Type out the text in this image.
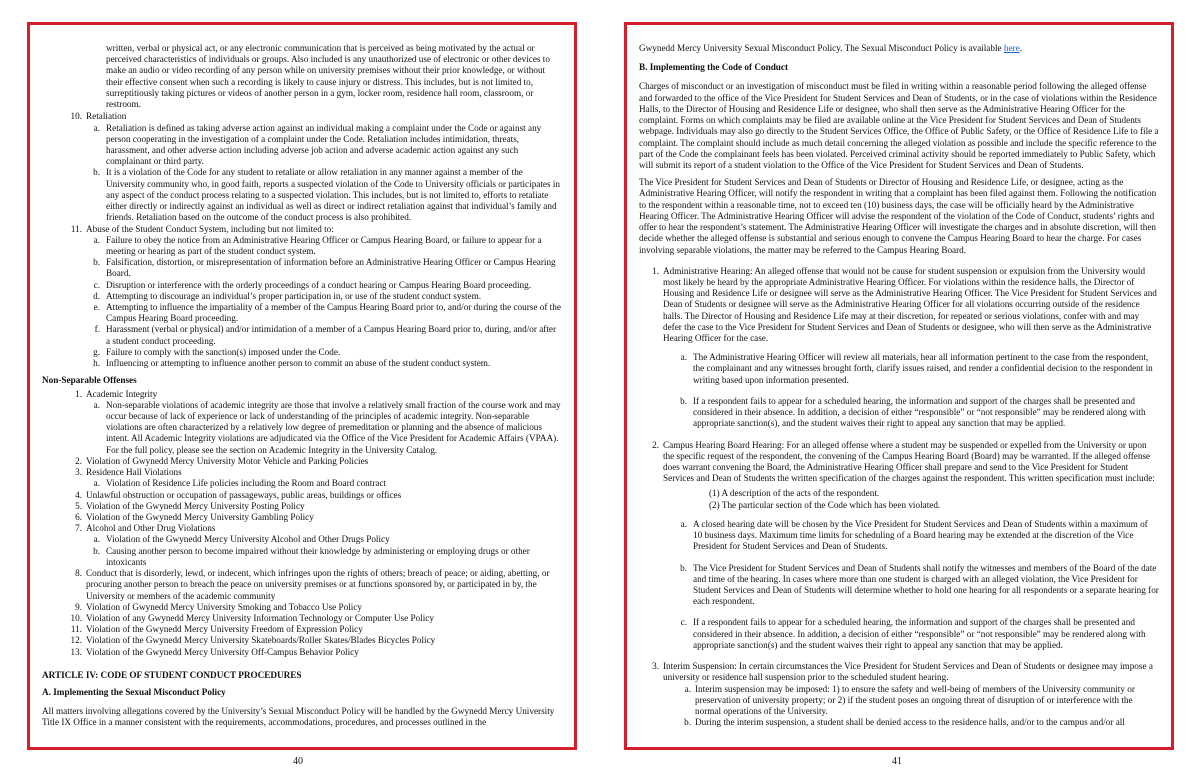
written, verbal or physical act, or any electronic communication that is perceived as being motivated by the actual or perceived characteristics of individuals or groups. Also included is any unauthorized use of electronic or other devices to make an audio or video recording of any person while on university premises without their prior knowledge, or without their effective consent when such a recording is likely to cause injury or distress. This includes, but is not limited to, surreptitiously taking pictures or videos of another person in a gym, locker room, residence hall room, classroom, or restroom.
10. Retaliation
a. Retaliation is defined as taking adverse action against an individual making a complaint under the Code or against any person cooperating in the investigation of a complaint under the Code. Retaliation includes intimidation, threats, harassment, and other adverse action including adverse job action and adverse academic action against any such complainant or third party.
b. It is a violation of the Code for any student to retaliate or allow retaliation in any manner against a member of the University community who, in good faith, reports a suspected violation of the Code to University officials or participates in any aspect of the conduct process relating to a suspected violation. This includes, but is not limited to, efforts to retaliate either directly or indirectly against an individual as well as direct or indirect retaliation against that individual’s family and friends. Retaliation based on the outcome of the conduct process is also prohibited.
11. Abuse of the Student Conduct System, including but not limited to:
a. Failure to obey the notice from an Administrative Hearing Officer or Campus Hearing Board, or failure to appear for a meeting or hearing as part of the student conduct system.
b. Falsification, distortion, or misrepresentation of information before an Administrative Hearing Officer or Campus Hearing Board.
c. Disruption or interference with the orderly proceedings of a conduct hearing or Campus Hearing Board proceeding.
d. Attempting to discourage an individual’s proper participation in, or use of the student conduct system.
e. Attempting to influence the impartiality of a member of the Campus Hearing Board prior to, and/or during the course of the Campus Hearing Board proceeding.
f. Harassment (verbal or physical) and/or intimidation of a member of a Campus Hearing Board prior to, during, and/or after a student conduct proceeding.
g. Failure to comply with the sanction(s) imposed under the Code.
h. Influencing or attempting to influence another person to commit an abuse of the student conduct system.
Non-Separable Offenses
1. Academic Integrity
a. Non-separable violations of academic integrity are those that involve a relatively small fraction of the course work and may occur because of lack of experience or lack of understanding of the principles of academic integrity. Non-separable violations are often characterized by a relatively low degree of premeditation or planning and the absence of malicious intent. All Academic Integrity violations are adjudicated via the Office of the Vice President for Academic Affairs (VPAA). For the full policy, please see the section on Academic Integrity in the University Catalog.
2. Violation of Gwynedd Mercy University Motor Vehicle and Parking Policies
3. Residence Hall Violations
a. Violation of Residence Life policies including the Room and Board contract
4. Unlawful obstruction or occupation of passageways, public areas, buildings or offices
5. Violation of the Gwynedd Mercy University Posting Policy
6. Violation of the Gwynedd Mercy University Gambling Policy
7. Alcohol and Other Drug Violations
a. Violation of the Gwynedd Mercy University Alcohol and Other Drugs Policy
b. Causing another person to become impaired without their knowledge by administering or employing drugs or other intoxicants
8. Conduct that is disorderly, lewd, or indecent, which infringes upon the rights of others; breach of peace; or aiding, abetting, or procuring another person to breach the peace on university premises or at functions sponsored by, or participated in by, the University or members of the academic community
9. Violation of Gwynedd Mercy University Smoking and Tobacco Use Policy
10. Violation of any Gwynedd Mercy University Information Technology or Computer Use Policy
11. Violation of the Gwynedd Mercy University Freedom of Expression Policy
12. Violation of the Gwynedd Mercy University Skateboards/Roller Skates/Blades Bicycles Policy
13. Violation of the Gwynedd Mercy University Off-Campus Behavior Policy
ARTICLE IV: CODE OF STUDENT CONDUCT PROCEDURES
A. Implementing the Sexual Misconduct Policy

All matters involving allegations covered by the University’s Sexual Misconduct Policy will be handled by the Gwynedd Mercy University Title IX Office in a manner consistent with the requirements, accommodations, procedures, and processes outlined in the

40

Gwynedd Mercy University Sexual Misconduct Policy. The Sexual Misconduct Policy is available here.

B. Implementing the Code of Conduct

Charges of misconduct or an investigation of misconduct must be filed in writing within a reasonable period following the alleged offense and forwarded to the office of the Vice President for Student Services and Dean of Students, or in the case of violations within the Residence Halls, to the Director of Housing and Residence Life or designee, who shall then serve as the Administrative Hearing Officer for the complaint. Forms on which complaints may be filed are available online at the Vice President for Student Services and Dean of Students webpage. Individuals may also go directly to the Student Services Office, the Office of Public Safety, or the Office of Residence Life to file a complaint. The complaint should include as much detail concerning the alleged violation as possible and include the specific reference to the part of the Code the complainant feels has been violated. Perceived criminal activity should be reported immediately to Public Safety, which will submit its report of a student violation to the Office of the Vice President for Student Services and Dean of Students.

The Vice President for Student Services and Dean of Students or Director of Housing and Residence Life, or designee, acting as the Administrative Hearing Officer, will notify the respondent in writing that a complaint has been filed against them. Following the notification to the respondent within a reasonable time, not to exceed ten (10) business days, the case will be officially heard by the Administrative Hearing Officer. The Administrative Hearing Officer will advise the respondent of the violation of the Code of Conduct, students’ rights and offer to hear the respondent’s statement. The Administrative Hearing Officer will investigate the charges and in absolute discretion, will then decide whether the alleged offense is substantial and serious enough to convene the Campus Hearing Board to hear the charge. For cases involving separable violations, the matter may be referred to the Campus Hearing Board.

1. Administrative Hearing: An alleged offense that would not be cause for student suspension or expulsion from the University would most likely be heard by the appropriate Administrative Hearing Officer. For violations within the residence halls, the Director of Housing and Residence Life or designee will serve as the Administrative Hearing Officer. The Vice President for Student Services and Dean of Students or designee will serve as the Administrative Hearing Officer for all violations occurring outside of the residence halls. The Director of Housing and Residence Life may at their discretion, for repeated or serious violations, confer with and may defer the case to the Vice President for Student Services and Dean of Students or designee, who will then serve as the Administrative Hearing Officer for the case.
a. The Administrative Hearing Officer will review all materials, hear all information pertinent to the case from the respondent, the complainant and any witnesses brought forth, clarify issues raised, and render a confidential decision to the respondent in writing based upon information presented.
b. If a respondent fails to appear for a scheduled hearing, the information and support of the charges shall be presented and considered in their absence. In addition, a decision of either “responsible” or “not responsible” may be rendered along with appropriate sanction(s), and the student waives their right to appeal any sanction that may be applied.
2. Campus Hearing Board Hearing: For an alleged offense where a student may be suspended or expelled from the University or upon the specific request of the respondent, the convening of the Campus Hearing Board (Board) may be warranted. If the alleged offense does warrant convening the Board, the Administrative Hearing Officer shall prepare and send to the Vice President for Student Services and Dean of Students the written specification of the charges against the respondent. This written specification must include:
(1) A description of the acts of the respondent.
(2) The particular section of the Code which has been violated.
a. A closed hearing date will be chosen by the Vice President for Student Services and Dean of Students within a maximum of 10 business days. Maximum time limits for scheduling of a Board hearing may be extended at the discretion of the Vice President for Student Services and Dean of Students.
b. The Vice President for Student Services and Dean of Students shall notify the witnesses and members of the Board of the date and time of the hearing. In cases where more than one student is charged with an alleged violation, the Vice President for Student Services and Dean of Students will determine whether to hold one hearing for all respondents or a separate hearing for each respondent.
c. If a respondent fails to appear for a scheduled hearing, the information and support of the charges shall be presented and considered in their absence. In addition, a decision of either “responsible” or “not responsible” may be rendered along with appropriate sanction(s) and the student waives their right to appeal any sanction that may be applied.
3. Interim Suspension: In certain circumstances the Vice President for Student Services and Dean of Students or designee may impose a university or residence hall suspension prior to the scheduled student hearing.
a. Interim suspension may be imposed: 1) to ensure the safety and well-being of members of the University community or preservation of university property; or 2) if the student poses an ongoing threat of disruption of or interference with the normal operations of the University.
b. During the interim suspension, a student shall be denied access to the residence halls, and/or to the campus and/or all
41
